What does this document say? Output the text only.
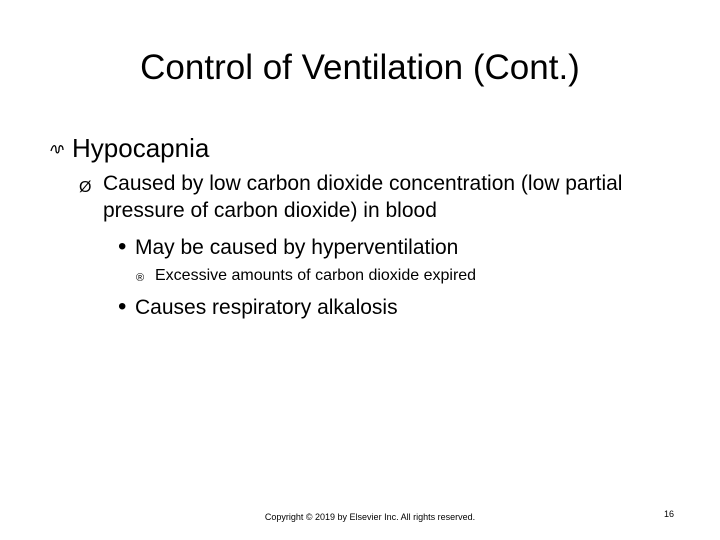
Control of Ventilation (Cont.)
Hypocapnia
Ø Caused by low carbon dioxide concentration (low partial pressure of carbon dioxide) in blood
• May be caused by hyperventilation
® Excessive amounts of carbon dioxide expired
• Causes respiratory alkalosis
Copyright © 2019 by Elsevier Inc. All rights reserved.	16
